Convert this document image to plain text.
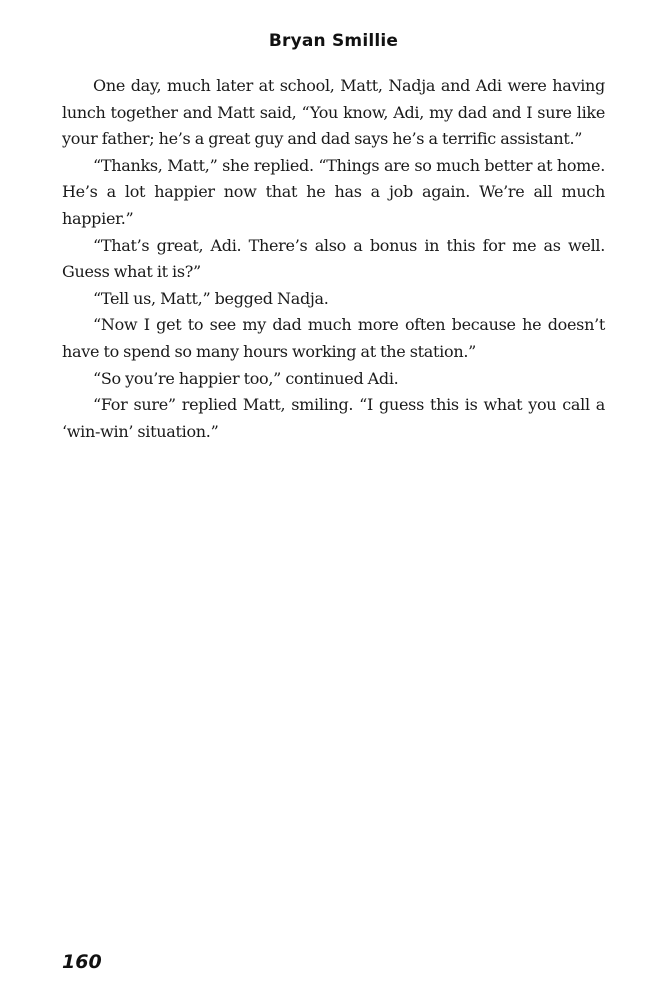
Bryan Smillie

One day, much later at school, Matt, Nadja and Adi were having lunch together and Matt said, “You know, Adi, my dad and I sure like your father; he’s a great guy and dad says he’s a terrific assistant.”

“Thanks, Matt,” she replied. “Things are so much better at home. He’s a lot happier now that he has a job again. We’re all much happier.”

“That’s great, Adi. There’s also a bonus in this for me as well. Guess what it is?”

“Tell us, Matt,” begged Nadja.

“Now I get to see my dad much more often because he doesn’t have to spend so many hours working at the station.”

“So you’re happier too,” continued Adi.

“For sure” replied Matt, smiling. “I guess this is what you call a ‘win-win’ situation.”

160
